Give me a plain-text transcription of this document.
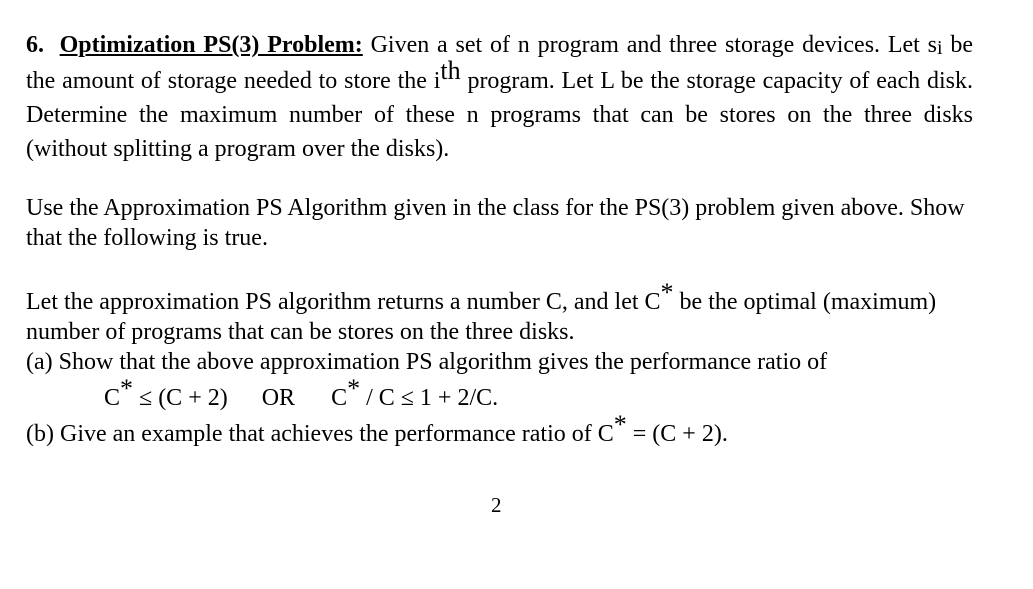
6. Optimization PS(3) Problem: Given a set of n program and three storage devices. Let $s_i$ be the amount of storage needed to store the $i^{th}$ program. Let L be the storage capacity of each disk. Determine the maximum number of these n programs that can be stores on the three disks (without splitting a program over the disks).
Use the Approximation PS Algorithm given in the class for the PS(3) problem given above. Show that the following is true.
Let the approximation PS algorithm returns a number C, and let C* be the optimal (maximum) number of programs that can be stores on the three disks.
(a) Show that the above approximation PS algorithm gives the performance ratio of
C* ≤ (C + 2) OR C* / C ≤ 1 + 2/C.
(b) Give an example that achieves the performance ratio of C* = (C + 2).
2
